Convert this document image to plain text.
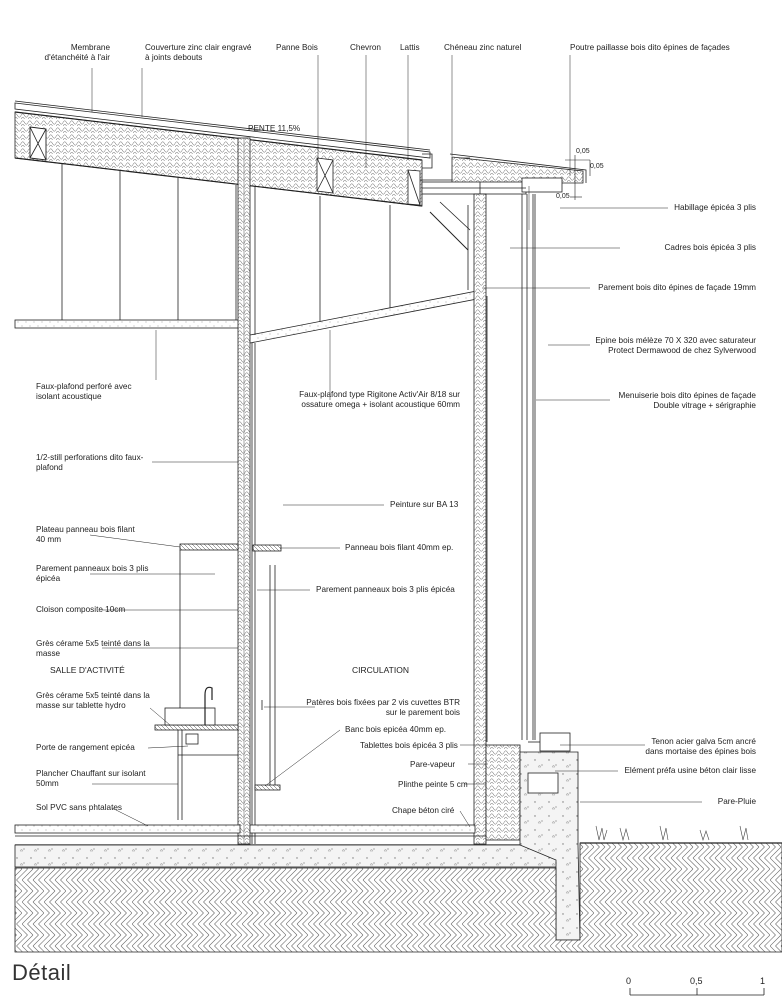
Membrane
d'étanchéité à l'air
Couverture zinc clair engravé
à joints debouts
Panne Bois	Chevron Lattis	Chéneau zinc naturel	Poutre paillasse bois dito épines de façades
PENTE 11,5%
0,05
0,05
0,05
Habillage épicéa 3 plis
Cadres bois épicéa 3 plis
Parement bois dito épines de façade 19mm
Epine bois mélèze 70 X 320 avec saturateur
Protect Dermawood de chez Sylverwood
Menuiserie bois dito épines de façade
Double vitrage + sérigraphie
Faux-plafond perforé avec
isolant acoustique
1/2-still perforations dito faux-
plafond
Plateau panneau bois filant
40 mm
Parement panneaux bois 3 plis
épicéa
Cloison composite 10cm
Grès cérame 5x5 teinté dans la
masse
Grès cérame 5x5 teinté dans la
masse sur tablette hydro
Porte de rangement epicéa
Plancher Chauffant sur isolant
50mm
Sol PVC sans phtalates
SALLE D'ACTIVITÉ	CIRCULATION
Faux-plafond type Rigitone Activ'Air 8/18 sur
ossature omega + isolant acoustique 60mm
Peinture sur BA 13
Panneau bois filant 40mm ep.
Parement panneaux bois 3 plis épicéa
Patères bois fixées par 2 vis cuvettes BTR
sur le parement bois
Banc bois epicéa 40mm ep.
Tablettes bois épicéa 3 plis
Pare-vapeur
Plinthe peinte 5 cm
Chape béton ciré
Tenon acier galva 5cm ancré
dans mortaise des épines bois
Elément préfa usine béton clair lisse
Pare-Pluie
Détail	0	0,5	1
